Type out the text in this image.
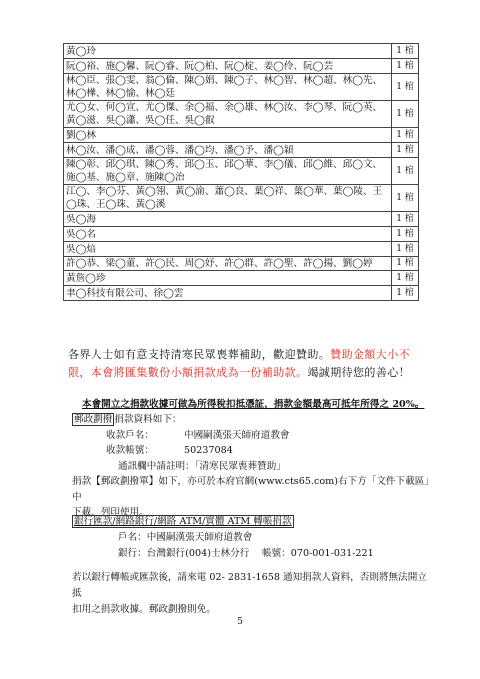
黃◯玲	1 棺
阮◯裕、施◯馨、阮◯睿、阮◯柏、阮◯椗、姜◯伶、阮◯芸	1 棺
林◯臣、張◯雯、翁◯倫、陳◯娟、陳◯子、林◯智、林◯超、林◯先、林◯樺、林◯愉、林◯廷	1 棺
尤◯女、何◯宣、尤◯傑、余◯福、余◯雄、林◯汝、李◯琴、阮◯英、黃◯滋、吳◯瀟、吳◯任、吳◯叡	1 棺
劉◯林	1 棺
林◯汝、潘◯成、潘◯蓉、潘◯均、潘◯予、潘◯穎	1 棺
陳◯彰、邱◯琪、陳◯秀、邱◯玉、邱◯華、李◯儀、邱◯維、邱◯文、施◯基、施◯章、施陳◯治	1 棺
江◯、李◯芬、黃◯翎、黃◯渝、蕭◯良、葉◯祥、葉◯華、葉◯陵、王◯珠、王◯珠、黃◯溪	1 棺
吳◯海	1 棺
吳◯名	1 棺
吳◯焙	1 棺
許◯恭、梁◯董、許◯民、周◯妤、許◯群、許◯聖、許◯揚、劉◯婷	1 棺
黃詹◯珍	1 棺
聿◯科技有限公司、徐◯雲	1 棺
各界人士如有意支持清寒民眾喪葬補助，歡迎贊助。贊助金額大小不限，本會將匯集數份小額捐款成為一份補助款。竭誠期待您的善心！
本會開立之捐款收據可做為所得稅扣抵憑証，捐款金額最高可抵年所得之 20%。
郵政劃撥 捐款資料如下：
收款戶名：	中國嗣漢張天師府道教會
收款帳號：	50237084
通訊欄中請註明：「清寒民眾喪葬贊助」
捐款【郵政劃撥單】如下，亦可於本府官網(www.cts65.com)右下方「文件下載區」中
下載、列印使用。
銀行匯款/網路銀行/網路 ATM/實體 ATM 轉帳捐款
戶名：中國嗣漢張天師府道教會
銀行：台灣銀行(004)士林分行　 帳號：070-001-031-221
若以銀行轉帳或匯款後，請來電 02- 2831-1658 通知捐款人資料，否則將無法開立抵
扣用之捐款收據。郵政劃撥則免。
5
